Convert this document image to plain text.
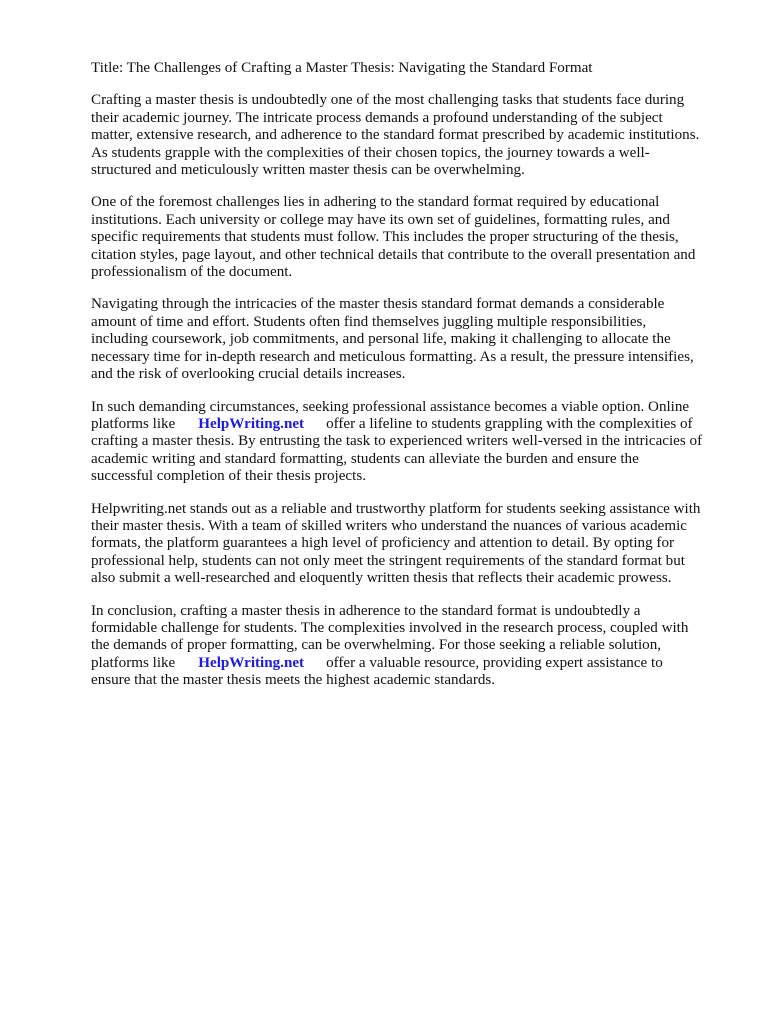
Title: The Challenges of Crafting a Master Thesis: Navigating the Standard Format

Crafting a master thesis is undoubtedly one of the most challenging tasks that students face during
their academic journey. The intricate process demands a profound understanding of the subject
matter, extensive research, and adherence to the standard format prescribed by academic institutions.
As students grapple with the complexities of their chosen topics, the journey towards a well-
structured and meticulously written master thesis can be overwhelming.
One of the foremost challenges lies in adhering to the standard format required by educational
institutions. Each university or college may have its own set of guidelines, formatting rules, and
specific requirements that students must follow. This includes the proper structuring of the thesis,
citation styles, page layout, and other technical details that contribute to the overall presentation and
professionalism of the document.
Navigating through the intricacies of the master thesis standard format demands a considerable
amount of time and effort. Students often find themselves juggling multiple responsibilities,
including coursework, job commitments, and personal life, making it challenging to allocate the
necessary time for in-depth research and meticulous formatting. As a result, the pressure intensifies,
and the risk of overlooking crucial details increases.
In such demanding circumstances, seeking professional assistance becomes a viable option. Online
platforms like HelpWriting.net offer a lifeline to students grappling with the complexities of
crafting a master thesis. By entrusting the task to experienced writers well-versed in the intricacies of
academic writing and standard formatting, students can alleviate the burden and ensure the
successful completion of their thesis projects.
Helpwriting.net stands out as a reliable and trustworthy platform for students seeking assistance with
their master thesis. With a team of skilled writers who understand the nuances of various academic
formats, the platform guarantees a high level of proficiency and attention to detail. By opting for
professional help, students can not only meet the stringent requirements of the standard format but
also submit a well-researched and eloquently written thesis that reflects their academic prowess.
In conclusion, crafting a master thesis in adherence to the standard format is undoubtedly a
formidable challenge for students. The complexities involved in the research process, coupled with
the demands of proper formatting, can be overwhelming. For those seeking a reliable solution,
platforms like HelpWriting.net offer a valuable resource, providing expert assistance to
ensure that the master thesis meets the highest academic standards.
